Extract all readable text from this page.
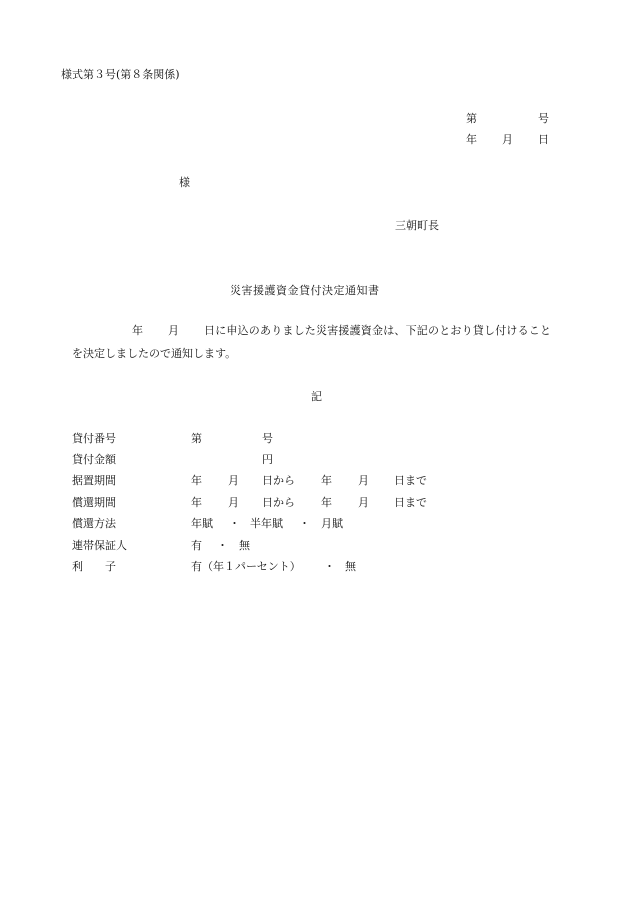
様式第３号(第８条関係)
第	号
年 月 日
様
三朝町長
災害援護資金貸付決定通知書
年 月 日に申込のありました災害援護資金は、下記のとおり貸し付けること
を決定しましたので通知します。
記
貸付番号	第	号
貸付金額	円
据置期間	年 月 日から 年 月 日まで
償還期間	年 月 日から 年 月 日まで
償還方法	年賦 ・ 半年賦 ・ 月賦
連帯保証人	有 ・ 無
利　　子	有（年１パーセント） ・ 無
